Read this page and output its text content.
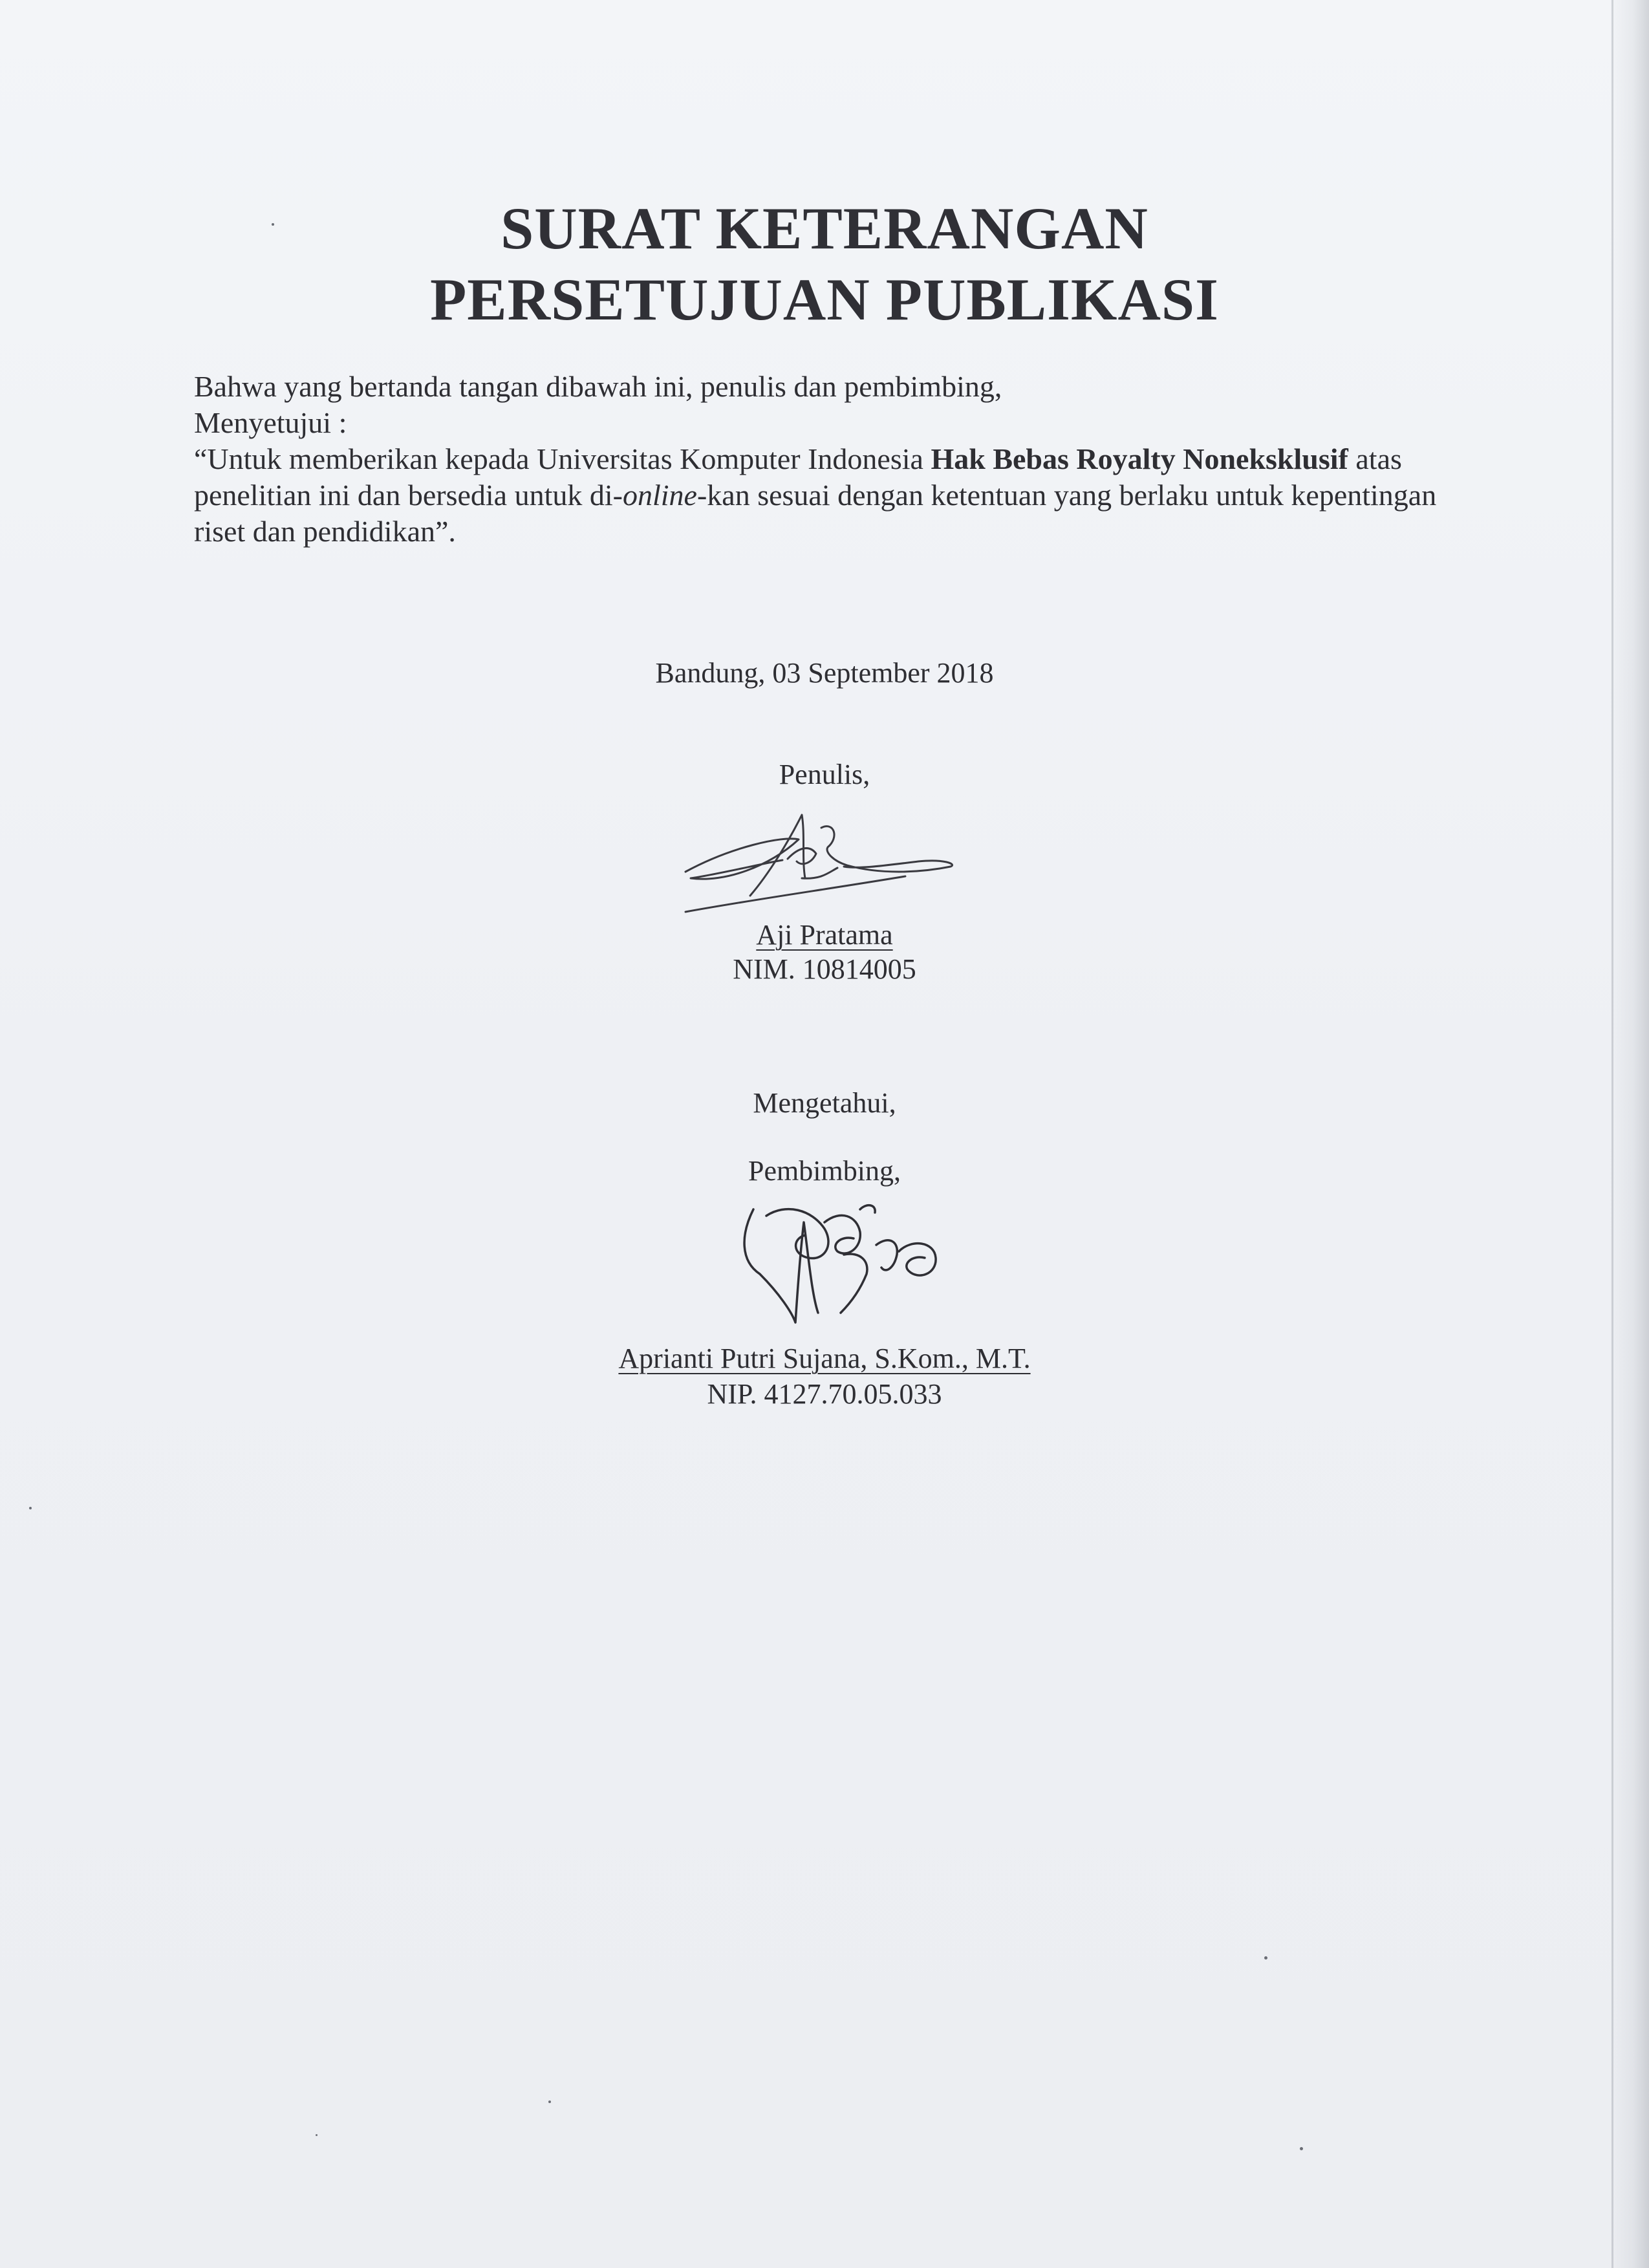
SURAT KETERANGAN
PERSETUJUAN PUBLIKASI
Bahwa yang bertanda tangan dibawah ini, penulis dan pembimbing,
Menyetujui :

“Untuk memberikan kepada Universitas Komputer Indonesia Hak Bebas Royalty Noneksklusif atas penelitian ini dan bersedia untuk di-online-kan sesuai dengan ketentuan yang berlaku untuk kepentingan riset dan pendidikan”.

Bandung, 03 September 2018
Penulis,
Aji Pratama
NIM. 10814005
Mengetahui,
Pembimbing,
Aprianti Putri Sujana, S.Kom., M.T.
NIP. 4127.70.05.033
